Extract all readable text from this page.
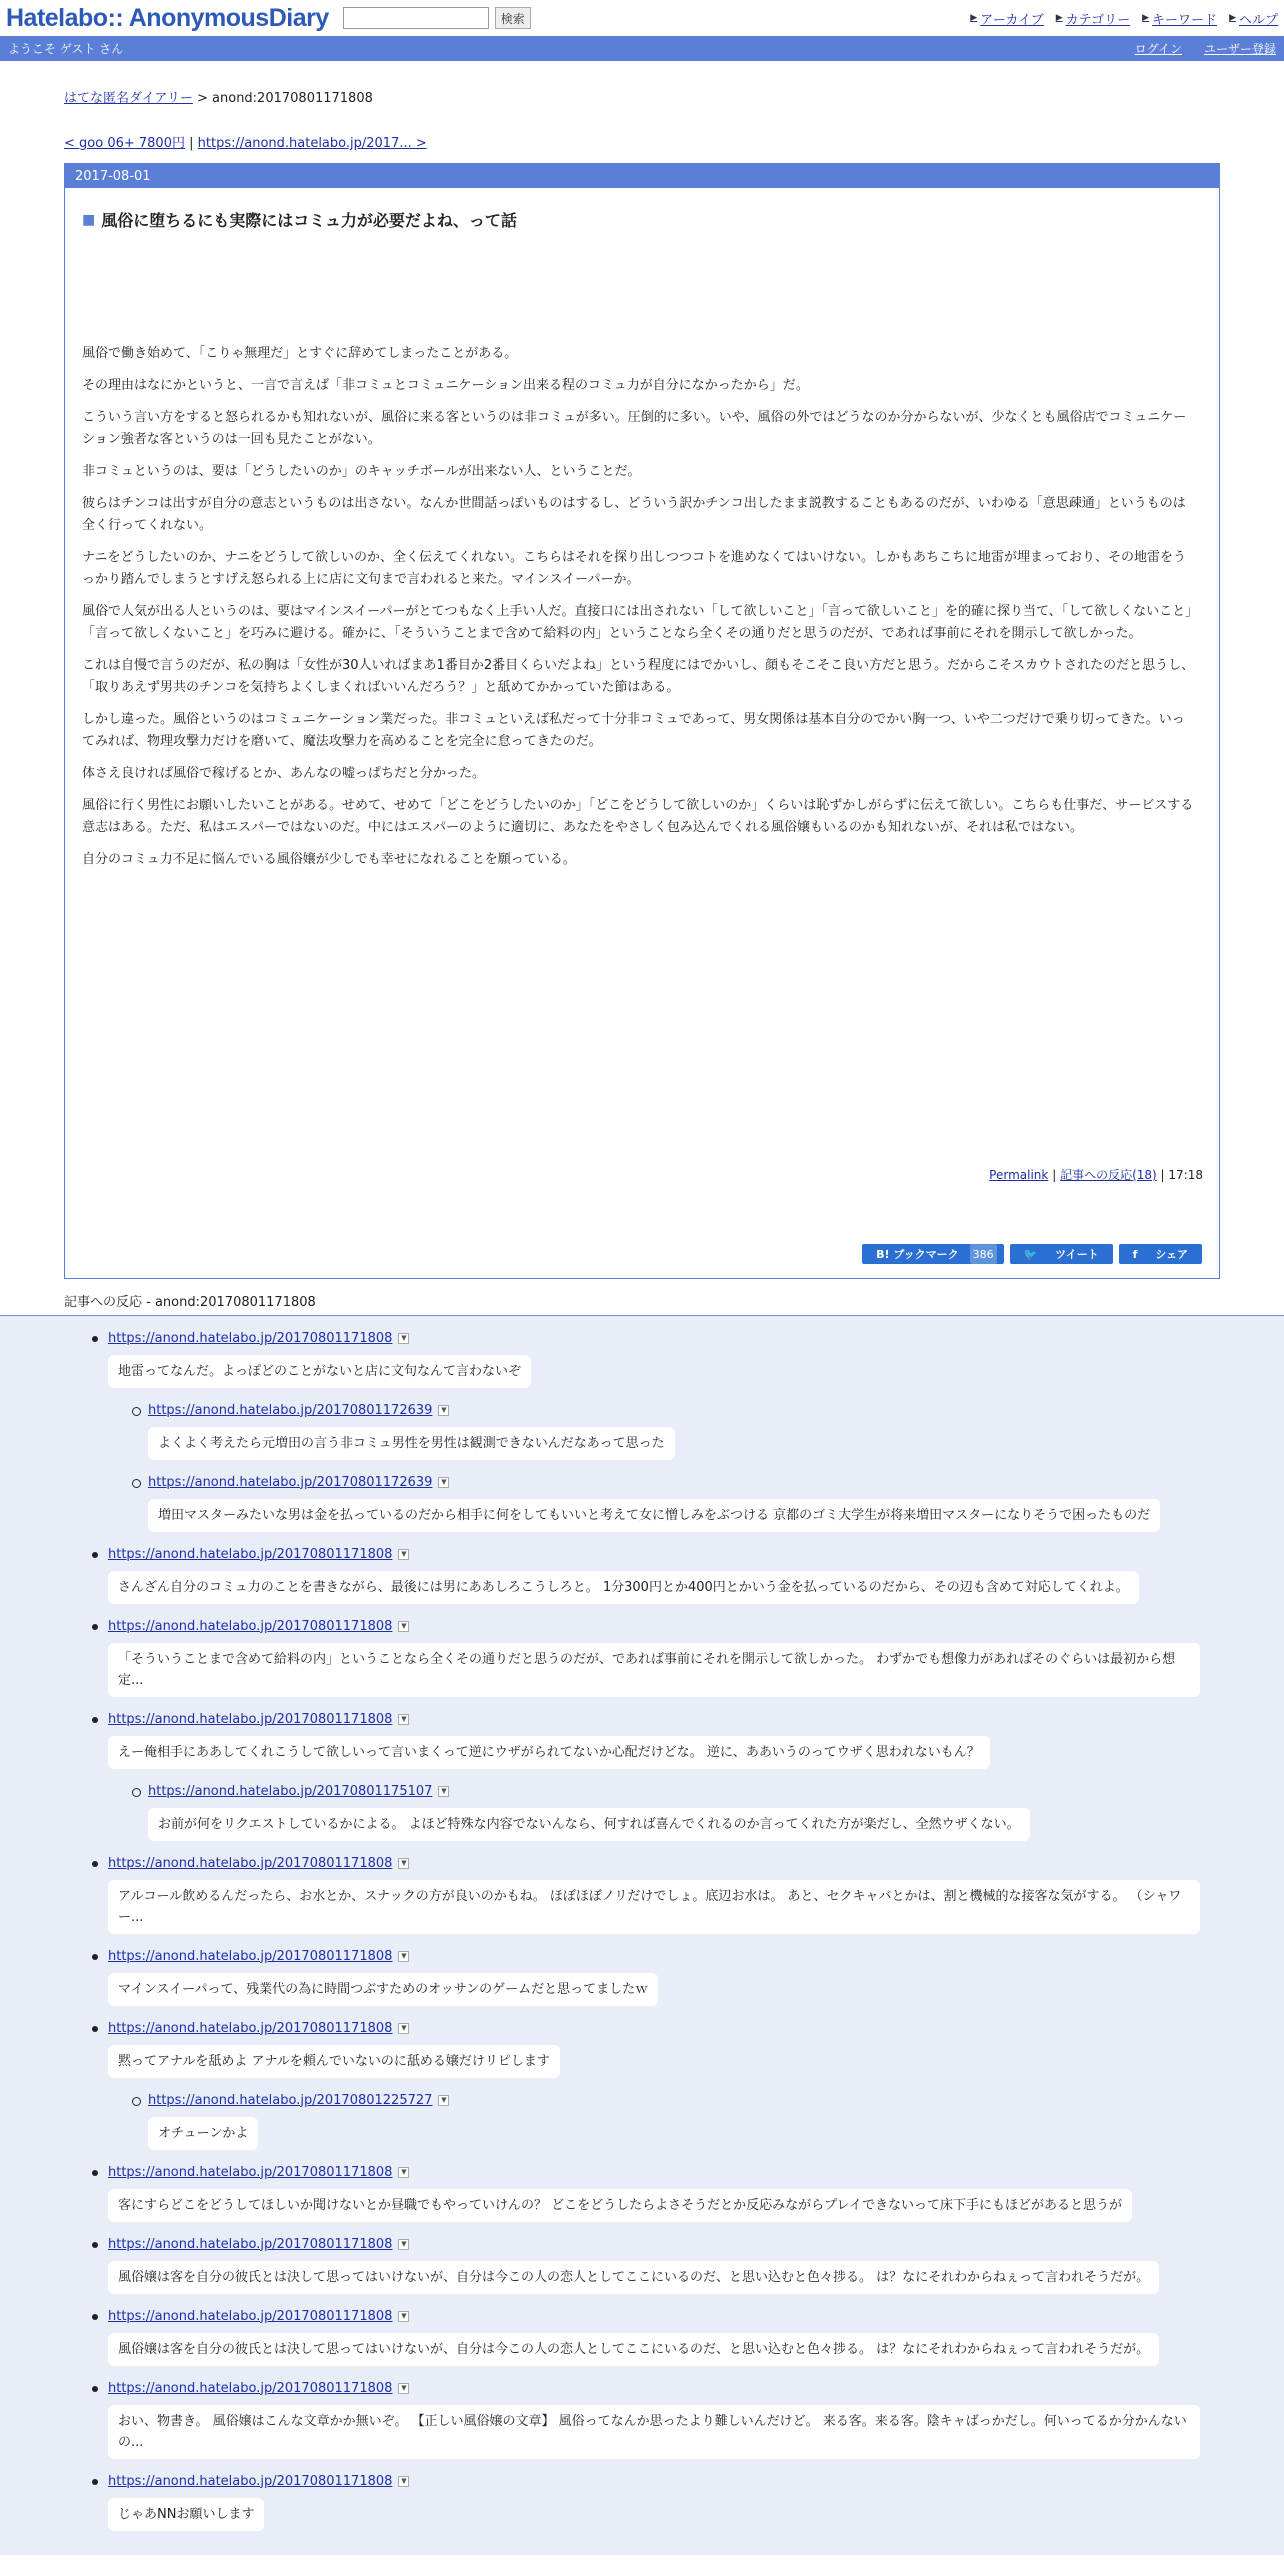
Hatelabo:: AnonymousDiary	検索	▶ アーカイブ ▶ カテゴリー ▶ キーワード ▶ ヘルプ
ようこそ ゲスト さん	ログイン ユーザー登録
はてな匿名ダイアリー > anond:20170801171808
< goo 06+ 7800円 | https://anond.hatelabo.jp/2017... >
2017-08-01
■ 風俗に堕ちるにも実際にはコミュ力が必要だよね、って話

風俗で働き始めて、「こりゃ無理だ」とすぐに辞めてしまったことがある。

その理由はなにかというと、一言で言えば「非コミュとコミュニケーション出来る程のコミュ力が自分になかったから」だ。

こういう言い方をすると怒られるかも知れないが、風俗に来る客というのは非コミュが多い。圧倒的に多い。いや、風俗の外ではどうなのか分からないが、少なくとも風俗店でコミュニケーション強者な客というのは一回も見たことがない。

非コミュというのは、要は「どうしたいのか」のキャッチボールが出来ない人、ということだ。

彼らはチンコは出すが自分の意志というものは出さない。なんか世間話っぽいものはするし、どういう訳かチンコ出したまま説教することもあるのだが、いわゆる「意思疎通」というものは全く行ってくれない。

ナニをどうしたいのか、ナニをどうして欲しいのか、全く伝えてくれない。こちらはそれを探り出しつつコトを進めなくてはいけない。しかもあちこちに地雷が埋まっており、その地雷をうっかり踏んでしまうとすげえ怒られる上に店に文句まで言われると来た。マインスイーパーか。

風俗で人気が出る人というのは、要はマインスイーパーがとてつもなく上手い人だ。直接口には出されない「して欲しいこと」「言って欲しいこと」を的確に探り当て、「して欲しくないこと」「言って欲しくないこと」を巧みに避ける。確かに、「そういうことまで含めて給料の内」ということなら全くその通りだと思うのだが、であれば事前にそれを開示して欲しかった。

これは自慢で言うのだが、私の胸は「女性が30人いればまあ1番目か2番目くらいだよね」という程度にはでかいし、顔もそこそこ良い方だと思う。だからこそスカウトされたのだと思うし、「取りあえず男共のチンコを気持ちよくしまくればいいんだろう？」と舐めてかかっていた節はある。

しかし違った。風俗というのはコミュニケーション業だった。非コミュといえば私だって十分非コミュであって、男女関係は基本自分のでかい胸一つ、いや二つだけで乗り切ってきた。いってみれば、物理攻撃力だけを磨いて、魔法攻撃力を高めることを完全に怠ってきたのだ。

体さえ良ければ風俗で稼げるとか、あんなの嘘っぱちだと分かった。

風俗に行く男性にお願いしたいことがある。せめて、せめて「どこをどうしたいのか」「どこをどうして欲しいのか」くらいは恥ずかしがらずに伝えて欲しい。こちらも仕事だ、サービスする意志はある。ただ、私はエスパーではないのだ。中にはエスパーのように適切に、あなたをやさしく包み込んでくれる風俗嬢もいるのかも知れないが、それは私ではない。

自分のコミュ力不足に悩んでいる風俗嬢が少しでも幸せになれることを願っている。

Permalink | 記事への反応(18) | 17:18
B! ブックマーク	386	🐦	ツイート	f	シェア
記事への反応 - anond:20170801171808
https://anond.hatelabo.jp/20170801171808	▼
地雷ってなんだ。よっぽどのことがないと店に文句なんて言わないぞ
https://anond.hatelabo.jp/20170801172639	▼
よくよく考えたら元増田の言う非コミュ男性を男性は観測できないんだなあって思った
https://anond.hatelabo.jp/20170801172639	▼
増田マスターみたいな男は金を払っているのだから相手に何をしてもいいと考えて女に憎しみをぶつける 京都のゴミ大学生が将来増田マスターになりそうで困ったものだ
https://anond.hatelabo.jp/20170801171808	▼
さんざん自分のコミュ力のことを書きながら、最後には男にああしろこうしろと。 1分300円とか400円とかいう金を払っているのだから、その辺も含めて対応してくれよ。
https://anond.hatelabo.jp/20170801171808	▼
「そういうことまで含めて給料の内」ということなら全くその通りだと思うのだが、であれば事前にそれを開示して欲しかった。 わずかでも想像力があればそのぐらいは最初から想定...
https://anond.hatelabo.jp/20170801171808	▼
えー俺相手にああしてくれこうして欲しいって言いまくって逆にウザがられてないか心配だけどな。 逆に、ああいうのってウザく思われないもん？
https://anond.hatelabo.jp/20170801175107	▼
お前が何をリクエストしているかによる。 よほど特殊な内容でないんなら、何すれば喜んでくれるのか言ってくれた方が楽だし、全然ウザくない。
https://anond.hatelabo.jp/20170801171808	▼
アルコール飲めるんだったら、お水とか、スナックの方が良いのかもね。 ほぼほぼノリだけでしょ。底辺お水は。 あと、セクキャバとかは、割と機械的な接客な気がする。 （シャワー...
https://anond.hatelabo.jp/20170801171808	▼
マインスイーパって、残業代の為に時間つぶすためのオッサンのゲームだと思ってましたｗ
https://anond.hatelabo.jp/20170801171808	▼
黙ってアナルを舐めよ アナルを頼んでいないのに舐める嬢だけリピします
https://anond.hatelabo.jp/20170801225727	▼
オチューンかよ
https://anond.hatelabo.jp/20170801171808	▼
客にすらどこをどうしてほしいか聞けないとか昼職でもやっていけんの？ どこをどうしたらよさそうだとか反応みながらプレイできないって床下手にもほどがあると思うが
https://anond.hatelabo.jp/20170801171808	▼
風俗嬢は客を自分の彼氏とは決して思ってはいけないが、自分は今この人の恋人としてここにいるのだ、と思い込むと色々捗る。 は？なにそれわからねぇって言われそうだが。
https://anond.hatelabo.jp/20170801171808	▼
風俗嬢は客を自分の彼氏とは決して思ってはいけないが、自分は今この人の恋人としてここにいるのだ、と思い込むと色々捗る。 は？なにそれわからねぇって言われそうだが。
https://anond.hatelabo.jp/20170801171808	▼
おい、物書き。 風俗嬢はこんな文章かか無いぞ。 【正しい風俗嬢の文章】 風俗ってなんか思ったより難しいんだけど。 来る客。来る客。陰キャばっかだし。何いってるか分かんないの...
https://anond.hatelabo.jp/20170801171808	▼
じゃあNNお願いします
